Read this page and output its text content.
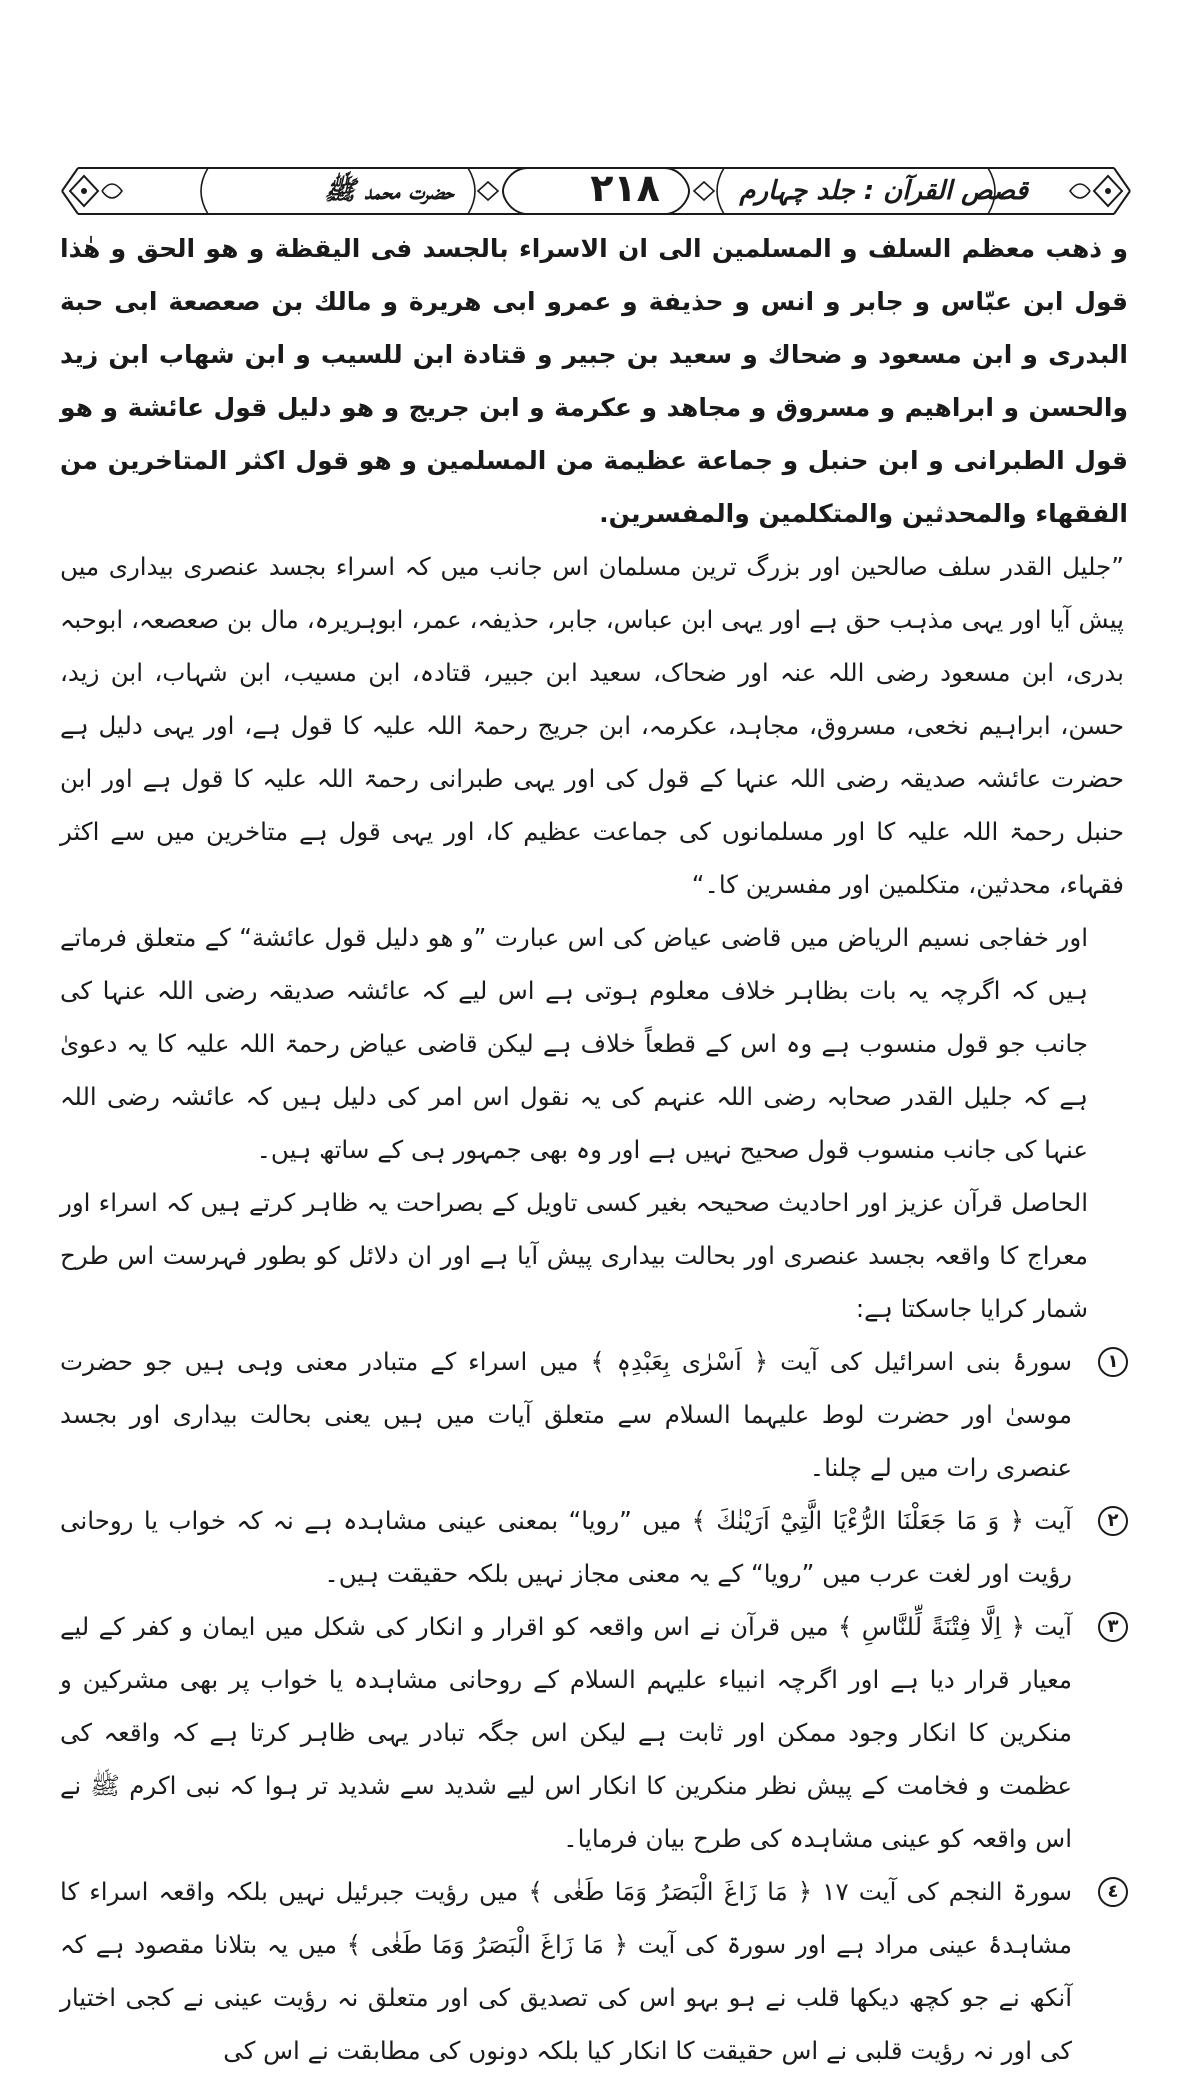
حضرت محمد ﷺ	۲۱۸	قصص القرآن : جلد چہارم

و ذهب معظم السلف و المسلمين الى ان الاسراء بالجسد فى اليقظة و هو الحق و هٰذا قول ابن عبّاس و جابر و انس و حذيفة و عمرو ابى هريرة و مالك بن صعصعة ابى حبة البدرى و ابن مسعود و ضحاك و سعيد بن جبير و قتادة ابن للسيب و ابن شهاب ابن زيد والحسن و ابراهيم و مسروق و مجاهد و عكرمة و ابن جريج و هو دليل قول عائشة و هو قول الطبرانى و ابن حنبل و جماعة عظيمة من المسلمين و هو قول اكثر المتاخرين من الفقهاء والمحدثين والمتكلمين والمفسرين.

”جلیل القدر سلف صالحین اور بزرگ ترین مسلمان اس جانب میں کہ اسراء بجسد عنصری بیداری میں پیش آیا اور یہی مذہب حق ہے اور یہی ابن عباس، جابر، حذیفہ، عمر، ابوہریرہ، مال بن صعصعہ، ابوحبہ بدری، ابن مسعود رضی اللہ عنہ اور ضحاک، سعید ابن جبیر، قتادہ، ابن مسیب، ابن شہاب، ابن زید، حسن، ابراہیم نخعی، مسروق، مجاہد، عکرمہ، ابن جریج رحمۃ اللہ علیہ کا قول ہے، اور یہی دلیل ہے حضرت عائشہ صدیقہ رضی اللہ عنہا کے قول کی اور یہی طبرانی رحمۃ اللہ علیہ کا قول ہے اور ابن حنبل رحمۃ اللہ علیہ کا اور مسلمانوں کی جماعت عظیم کا، اور یہی قول ہے متاخرین میں سے اکثر فقہاء، محدثین، متکلمین اور مفسرین کا۔“

اور خفاجی نسیم الریاض میں قاضی عیاض کی اس عبارت ”و هو دلیل قول عائشة“ کے متعلق فرماتے ہیں کہ اگرچہ یہ بات بظاہر خلاف معلوم ہوتی ہے اس لیے کہ عائشہ صدیقہ رضی اللہ عنہا کی جانب جو قول منسوب ہے وہ اس کے قطعاً خلاف ہے لیکن قاضی عیاض رحمۃ اللہ علیہ کا یہ دعویٰ ہے کہ جلیل القدر صحابہ رضی اللہ عنہم کی یہ نقول اس امر کی دلیل ہیں کہ عائشہ رضی اللہ عنہا کی جانب منسوب قول صحیح نہیں ہے اور وہ بھی جمہور ہی کے ساتھ ہیں۔

الحاصل قرآن عزیز اور احادیث صحیحہ بغیر کسی تاویل کے بصراحت یہ ظاہر کرتے ہیں کہ اسراء اور معراج کا واقعہ بجسد عنصری اور بحالت بیداری پیش آیا ہے اور ان دلائل کو بطور فہرست اس طرح شمار کرایا جاسکتا ہے:

١

سورۂ بنی اسرائیل کی آیت ﴿ اَسْرٰى بِعَبْدِهٖ ﴾ میں اسراء کے متبادر معنی وہی ہیں جو حضرت موسیٰ اور حضرت لوط علیہما السلام سے متعلق آیات میں ہیں یعنی بحالت بیداری اور بجسد عنصری رات میں لے چلنا۔

٢

آیت ﴿ وَ مَا جَعَلْنَا الرُّءْيَا الَّتِيْٓ اَرَيْنٰكَ ﴾ میں ”رویا“ بمعنی عینی مشاہدہ ہے نہ کہ خواب یا روحانی رؤیت اور لغت عرب میں ”رویا“ کے یہ معنی مجاز نہیں بلکہ حقیقت ہیں۔

٣

آیت ﴿ اِلَّا فِتْنَةً لِّلنَّاسِ ﴾ میں قرآن نے اس واقعہ کو اقرار و انکار کی شکل میں ایمان و کفر کے لیے معیار قرار دیا ہے اور اگرچہ انبیاء علیہم السلام کے روحانی مشاہدہ یا خواب پر بھی مشرکین و منکرین کا انکار وجود ممکن اور ثابت ہے لیکن اس جگہ تبادر یہی ظاہر کرتا ہے کہ واقعہ کی عظمت و فخامت کے پیش نظر منکرین کا انکار اس لیے شدید سے شدید تر ہوا کہ نبی اکرم ﷺ نے اس واقعہ کو عینی مشاہدہ کی طرح بیان فرمایا۔

٤

سورۃ النجم کی آیت ١٧ ﴿ مَا زَاغَ الْبَصَرُ وَمَا طَغٰى ﴾ میں رؤیت جبرئیل نہیں بلکہ واقعہ اسراء کا مشاہدۂ عینی مراد ہے اور سورۃ کی آیت ﴿ مَا زَاغَ الْبَصَرُ وَمَا طَغٰى ﴾ میں یہ بتلانا مقصود ہے کہ آنکھ نے جو کچھ دیکھا قلب نے ہو بہو اس کی تصدیق کی اور متعلق نہ رؤیت عینی نے کجی اختیار کی اور نہ رؤیت قلبی نے اس حقیقت کا انکار کیا بلکہ دونوں کی مطابقت نے اس کی
